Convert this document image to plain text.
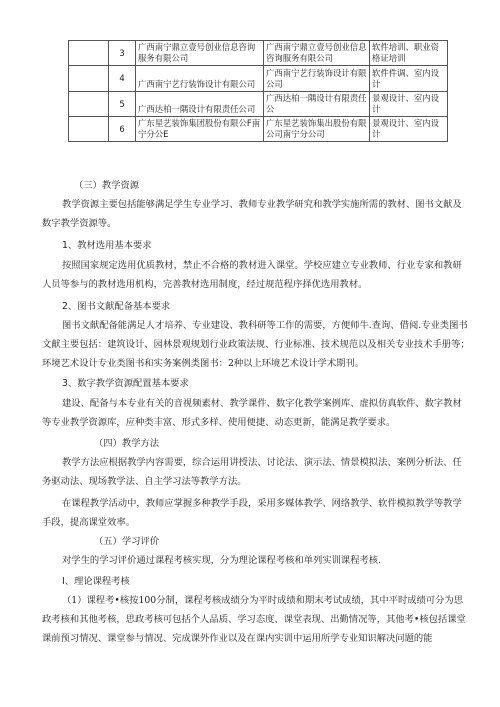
	3	广西南宁鼎立壹号创业信息咨询服务有限公司	广西南宁鼎立壹号创业信息咨询服务有限公司	软件培训、职业资格证培训
	4	广西南宁艺行装饰设计有限公司	广西南宁艺行装饰设计有限公司	软件件调、室内设计
	5	广西达柏一隅设计有限责任公司	广西达柏一隅设计有限责任公	景观设计、室内设计
	6	广东星艺装饰集团股份有限公F南宁分公E	广东星艺装饰集出股份有限公司南宁分公司	景观设计、室内设计
（三）教学资源
教学资源主要包括能够满足学生专业学习、教师专业教学研究和教学实施所需的教材、图书文献及数字教学资源等。
1、教材选用基本要求
按照国家规定选用优质教材，禁止不合格的教材进入课堂。学校应建立专业教师、行业专家和教研人员等参与的教材选用机构，完善教材选用制度，经过规范程序择优选用教材。
2、图书文献配备基本要求
图书文献配备能满足人才培养、专业建设、教科研等工作的需要，方便师牛.查询、借阅.专业类图书文献主要包括：建筑设计、园林景观规划行业政策法规、行业标准、技术规范以及相关专业技术手册等；环境艺术设计专业类图书和实务案例类图书：2种以上环境艺术设计学术期刊。
3、数字教学资源配置基本要求
建设、配备与本专业有关的音视频素材、教学课件、数字化教学案例库、虚拟仿真软件、数字教材等专业教学资源库，应种类丰富、形式多样、使用便捷、动态更新，能满足教学要求。
（四）教学方法
教学方法应根据教学内容需要，综合运用讲授法、讨论法、演示法、情景模拟法、案例分析法、任务驱动法、现场教学法、自主学习法等教学方法。
在课程教学活动中，教师应掌握多种教学手段，采用多媒体教学、网络教学、软件模拟教学等教学手段，提高课堂效率。
（五）学习评价
对学生的学习评价通过课程考核实现，分为理论课程考核和单列实训课程考核.
I、理论课程考核
（1）课程考•核按100分制，课程考核成绩分为平时成绩和期末考试成绩，其中平时成绩可分为思政考核和其他考核，思政考核可包括个人品质、学习态度、课堂表现、出勤情况等，其他考•核包括课堂课前预习情况、课堂参与情况、完成课外作业以及在课内实训中运用所学专业知识解决问题的能
